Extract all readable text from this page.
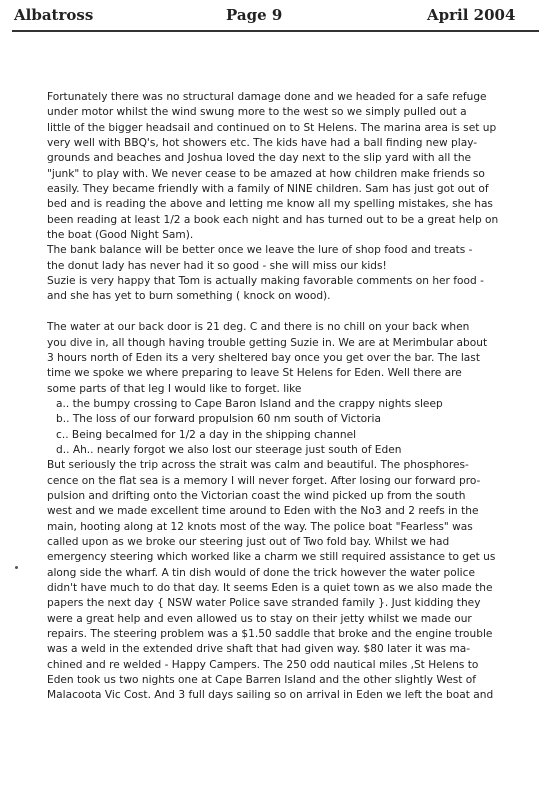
Albatross	Page 9	April 2004
Fortunately there was no structural damage done and we headed for a safe refuge
under motor whilst the wind swung more to the west so we simply pulled out a
little of the bigger headsail and continued on to St Helens. The marina area is set up
very well with BBQ's, hot showers etc. The kids have had a ball finding new play-
grounds and beaches and Joshua loved the day next to the slip yard with all the
"junk" to play with. We never cease to be amazed at how children make friends so
easily. They became friendly with a family of NINE children. Sam has just got out of
bed and is reading the above and letting me know all my spelling mistakes, she has
been reading at least 1/2 a book each night and has turned out to be a great help on
the boat (Good Night Sam).
The bank balance will be better once we leave the lure of shop food and treats -
the donut lady has never had it so good - she will miss our kids!
Suzie is very happy that Tom is actually making favorable comments on her food -
and she has yet to burn something ( knock on wood).
The water at our back door is 21 deg. C and there is no chill on your back when
you dive in, all though having trouble getting Suzie in. We are at Merimbular about
3 hours north of Eden its a very sheltered bay once you get over the bar. The last
time we spoke we where preparing to leave St Helens for Eden. Well there are
some parts of that leg I would like to forget. like
a.. the bumpy crossing to Cape Baron Island and the crappy nights sleep
b.. The loss of our forward propulsion 60 nm south of Victoria
c.. Being becalmed for 1/2 a day in the shipping channel
d.. Ah.. nearly forgot we also lost our steerage just south of Eden
But seriously the trip across the strait was calm and beautiful. The phosphores-
cence on the flat sea is a memory I will never forget. After losing our forward pro-
pulsion and drifting onto the Victorian coast the wind picked up from the south
west and we made excellent time around to Eden with the No3 and 2 reefs in the
main, hooting along at 12 knots most of the way. The police boat "Fearless" was
called upon as we broke our steering just out of Two fold bay. Whilst we had
emergency steering which worked like a charm we still required assistance to get us
along side the wharf. A tin dish would of done the trick however the water police
didn't have much to do that day. It seems Eden is a quiet town as we also made the
papers the next day { NSW water Police save stranded family }. Just kidding they
were a great help and even allowed us to stay on their jetty whilst we made our
repairs. The steering problem was a $1.50 saddle that broke and the engine trouble
was a weld in the extended drive shaft that had given way. $80 later it was ma-
chined and re welded - Happy Campers. The 250 odd nautical miles ,St Helens to
Eden took us two nights one at Cape Barren Island and the other slightly West of
Malacoota Vic Cost. And 3 full days sailing so on arrival in Eden we left the boat and
